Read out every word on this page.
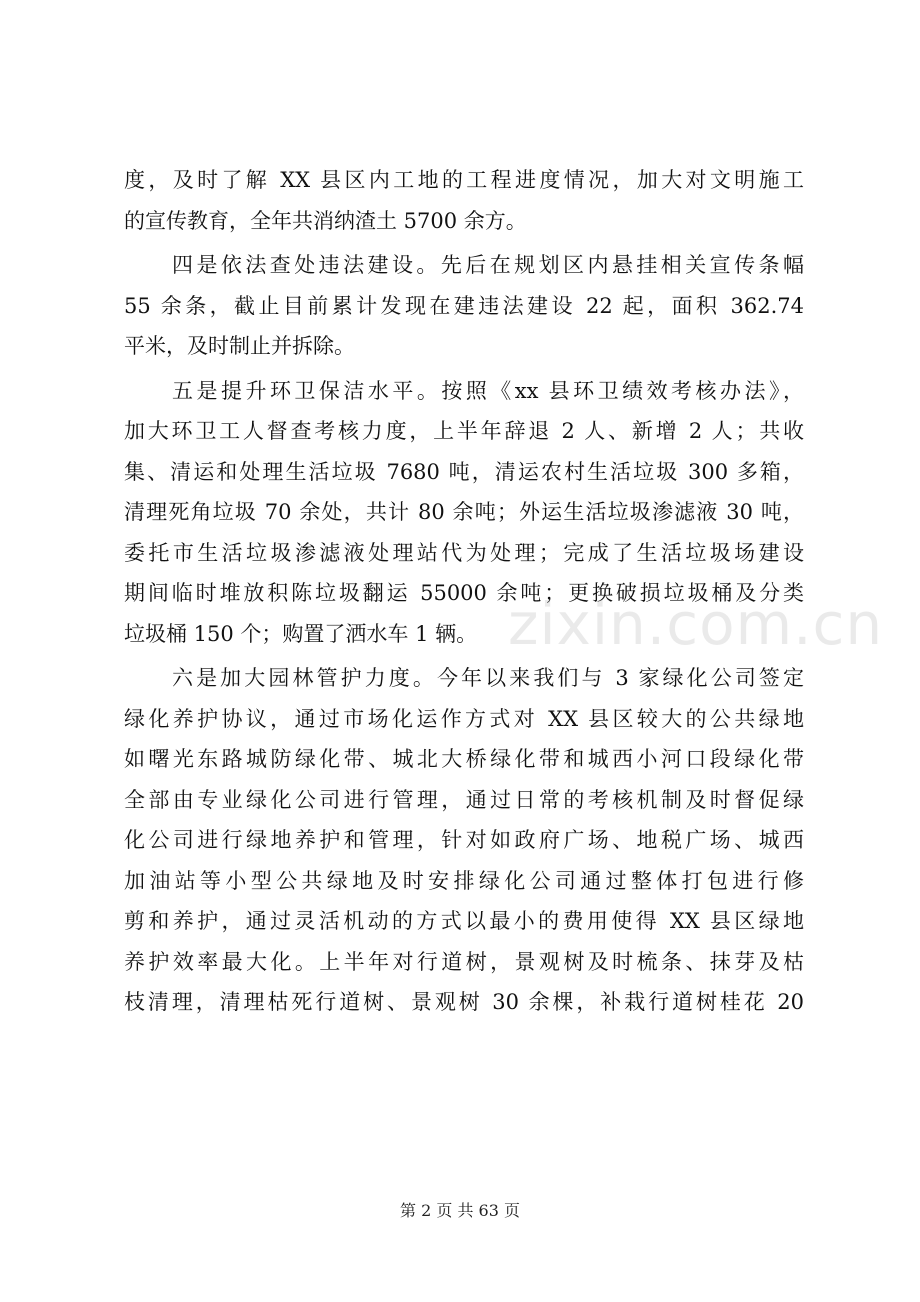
度，及时了解 XX 县区内工地的工程进度情况，加大对文明施工
的宣传教育，全年共消纳渣土 5700 余方。
四是依法查处违法建设。先后在规划区内悬挂相关宣传条幅
55 余条，截止目前累计发现在建违法建设 22 起，面积 362.74
平米，及时制止并拆除。
五是提升环卫保洁水平。按照《xx 县环卫绩效考核办法》，
加大环卫工人督查考核力度，上半年辞退 2 人、新增 2 人；共收
集、清运和处理生活垃圾 7680 吨，清运农村生活垃圾 300 多箱，
清理死角垃圾 70 余处，共计 80 余吨；外运生活垃圾渗滤液 30 吨，
委托市生活垃圾渗滤液处理站代为处理；完成了生活垃圾场建设
期间临时堆放积陈垃圾翻运 55000 余吨；更换破损垃圾桶及分类
垃圾桶 150 个；购置了洒水车 1 辆。
六是加大园林管护力度。今年以来我们与 3 家绿化公司签定
绿化养护协议，通过市场化运作方式对 XX 县区较大的公共绿地
如曙光东路城防绿化带、城北大桥绿化带和城西小河口段绿化带
全部由专业绿化公司进行管理，通过日常的考核机制及时督促绿
化公司进行绿地养护和管理，针对如政府广场、地税广场、城西
加油站等小型公共绿地及时安排绿化公司通过整体打包进行修
剪和养护，通过灵活机动的方式以最小的费用使得 XX 县区绿地
养护效率最大化。上半年对行道树，景观树及时梳条、抹芽及枯
枝清理，清理枯死行道树、景观树 30 余棵，补栽行道树桂花 20
zixin.com.cn
第 2 页 共 63 页
